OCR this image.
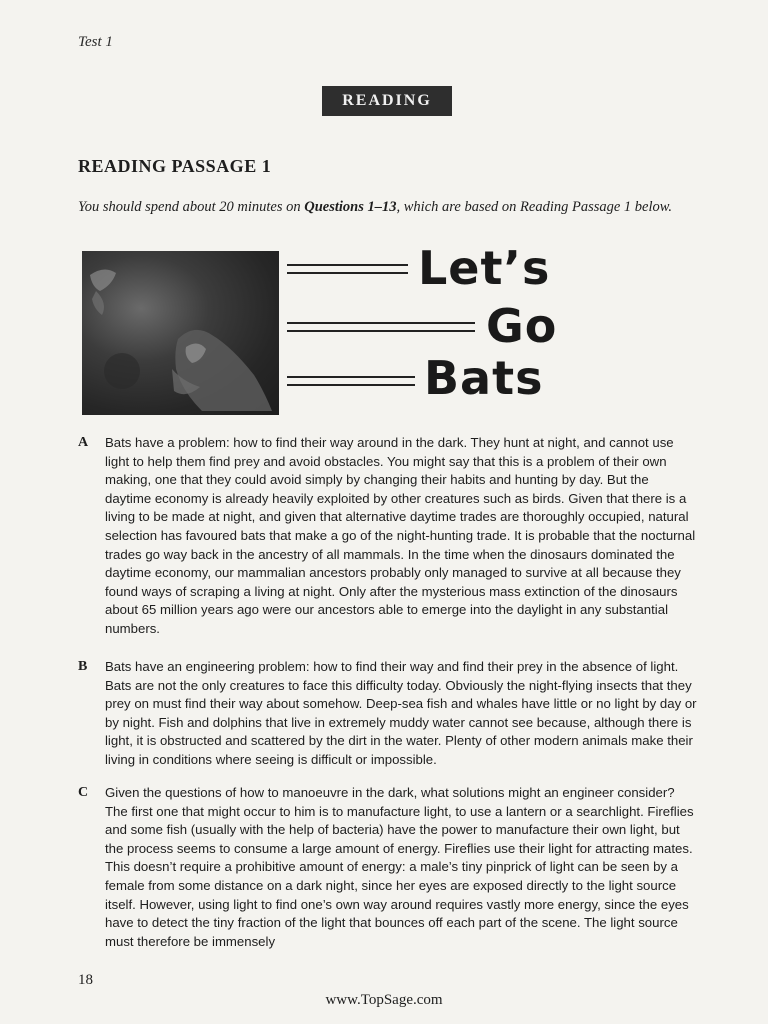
Test 1
READING
READING PASSAGE 1
You should spend about 20 minutes on Questions 1–13, which are based on Reading Passage 1 below.
Let’s
Go
Bats
A Bats have a problem: how to find their way around in the dark. They hunt at night, and cannot use light to help them find prey and avoid obstacles. You might say that this is a problem of their own making, one that they could avoid simply by changing their habits and hunting by day. But the daytime economy is already heavily exploited by other creatures such as birds. Given that there is a living to be made at night, and given that alternative daytime trades are thoroughly occupied, natural selection has favoured bats that make a go of the night-hunting trade. It is probable that the nocturnal trades go way back in the ancestry of all mammals. In the time when the dinosaurs dominated the daytime economy, our mammalian ancestors probably only managed to survive at all because they found ways of scraping a living at night. Only after the mysterious mass extinction of the dinosaurs about 65 million years ago were our ancestors able to emerge into the daylight in any substantial numbers.
B Bats have an engineering problem: how to find their way and find their prey in the absence of light. Bats are not the only creatures to face this difficulty today. Obviously the night-flying insects that they prey on must find their way about somehow. Deep-sea fish and whales have little or no light by day or by night. Fish and dolphins that live in extremely muddy water cannot see because, although there is light, it is obstructed and scattered by the dirt in the water. Plenty of other modern animals make their living in conditions where seeing is difficult or impossible.
C Given the questions of how to manoeuvre in the dark, what solutions might an engineer consider? The first one that might occur to him is to manufacture light, to use a lantern or a searchlight. Fireflies and some fish (usually with the help of bacteria) have the power to manufacture their own light, but the process seems to consume a large amount of energy. Fireflies use their light for attracting mates. This doesn’t require a prohibitive amount of energy: a male’s tiny pinprick of light can be seen by a female from some distance on a dark night, since her eyes are exposed directly to the light source itself. However, using light to find one’s own way around requires vastly more energy, since the eyes have to detect the tiny fraction of the light that bounces off each part of the scene. The light source must therefore be immensely
18
www.TopSage.com
